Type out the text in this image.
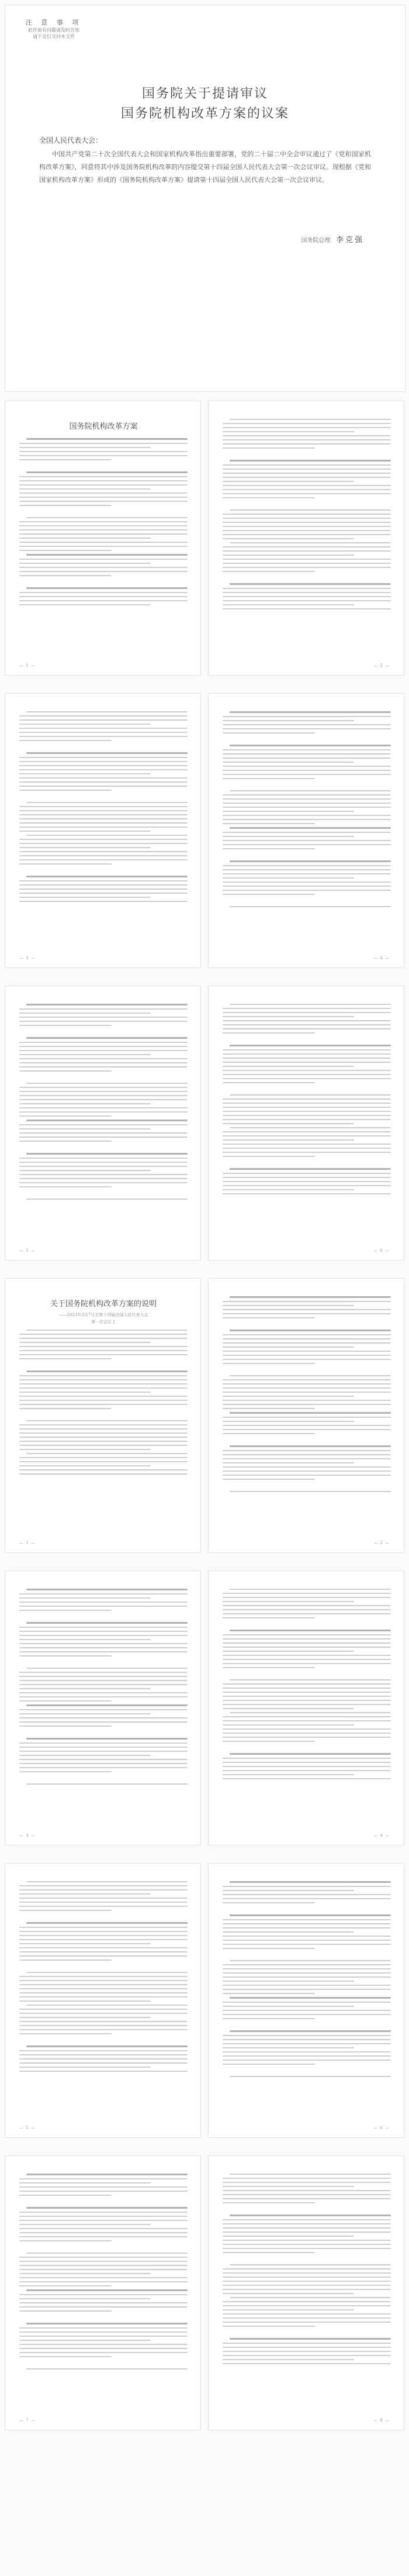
注 意 事 项
此件如有问题请及时告知
请于会后交回本文件
国务院关于提请审议
国务院机构改革方案的议案
全国人民代表大会：
中国共产党第二十次全国代表大会和国家机构改革指出重要部署，党的二十届二中全会审议通过了《党和国家机构改革方案》，同意将其中涉及国务院机构改革的内容提交第十四届全国人民代表大会第一次会议审议。现根据《党和国家机构改革方案》形成的《国务院机构改革方案》提请第十四届全国人民代表大会第一次会议审议。
国务院总理 李克强
国务院机构改革方案
— 1 —	— 2 —
— 3 —	— 4 —
— 5 —	— 6 —
关于国务院机构改革方案的说明
——2023年3月7日在第十四届全国人民代表大会
第一次会议上
— 1 —	— 2 —
— 3 —	— 4 —
— 5 —	— 6 —
— 7 —	— 8 —
